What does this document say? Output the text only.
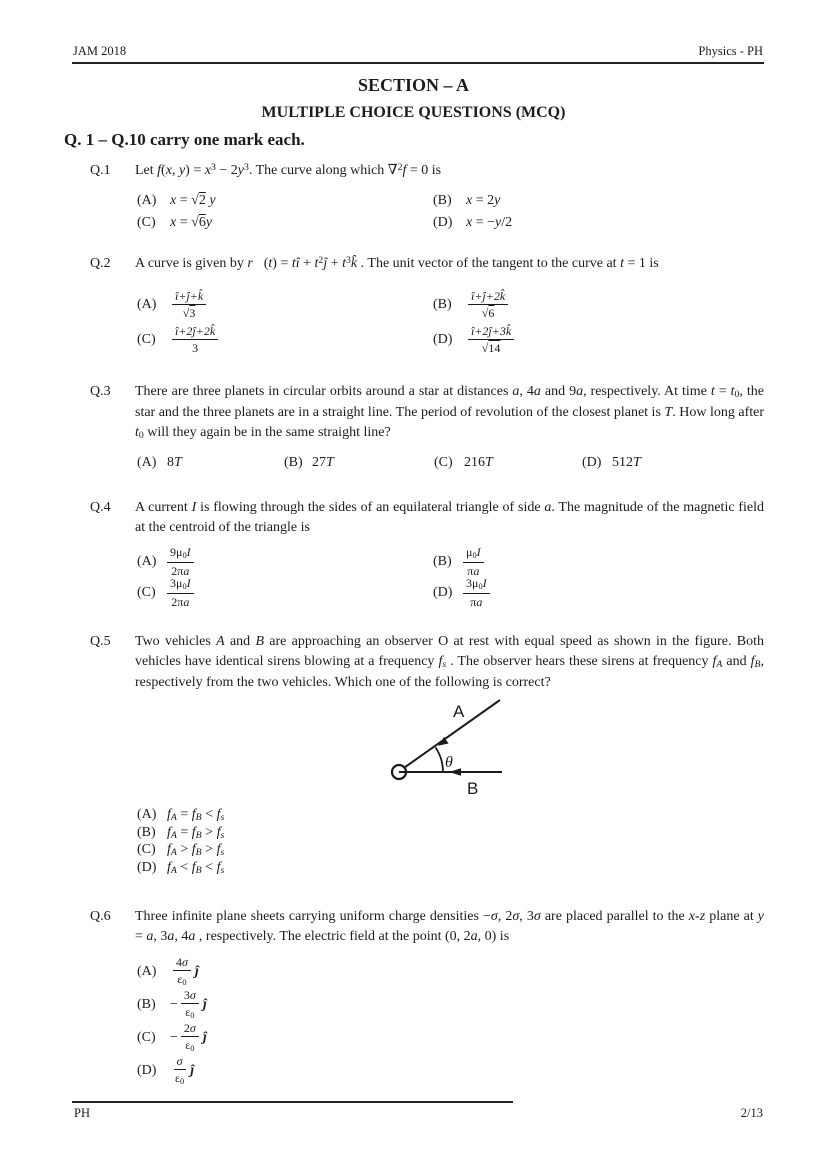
JAM 2018	Physics - PH
SECTION – A
MULTIPLE CHOICE QUESTIONS (MCQ)
Q. 1 – Q.10 carry one mark each.
Q.1	Let f(x, $y) = x^3 - 2y^3$. The curve along which ∇$^2$f = 0 is

(A) x = √2 y	(B) x = 2y
(C) x = √6y	(D) x = −y/2
Q.2	A curve is given by r⃗(t) = tî + $t^2ĵ$ + $t^3k̂$ . The unit vector of the tangent to the curve at t = 1 is

(A)	$\frac{î+ĵ+k̂}{√3}$	(B)	$\frac{î+ĵ+2k̂}{√6}$
(C)	$\frac{î+2ĵ+2k̂}{3}$	(D)	$\frac{î+2ĵ+3k̂}{√14}$
Q.3	There are three planets in circular orbits around a star at distances a, 4a and 9a, respectively. At time t = t0, the star and the three planets are in a straight line. The period of revolution of the closest planet is T. How long after t0 will they again be in the same straight line?

(A) 8T	(B) 27T	(C) 216T	(D) 512T
Q.4	A current I is flowing through the sides of an equilateral triangle of side a. The magnitude of the magnetic field at the centroid of the triangle is

$(A) \frac{9\mu 0I}{2\pi a}$	$(B) \frac{\mu 0I}{\pi a}$
$(C) \frac{3\mu 0I}{2\pi a}$	$(D) \frac{3\mu 0I}{\pi a}$
Q.5	Two vehicles A and B are approaching an observer O at rest with equal speed as shown in the figure. Both vehicles have identical sirens blowing at a frequency fs . The observer hears these sirens at frequency fA and fB, respectively from the two vehicles. Which one of the following is correct?

A
B
θ
(A) fA = fB < fs
(B) fA = fB > fs
(C) fA > fB > fs
(D) fA < fB < fs
Q.6	Three infinite plane sheets carrying uniform charge densities −σ, 2σ, 3σ are placed parallel to the x-z plane at y = a, 3a, 4a , respectively. The electric field at the point (0, 2a, 0) is

(A)	$\frac{4\sigma}{\varepsilon 0}$ ĵ
(B)	− $\frac{3\sigma}{\varepsilon 0}$ ĵ
(C)	− $\frac{2\sigma}{\varepsilon 0}$ ĵ
(D)	$\frac{\sigma}{\varepsilon 0}$ ĵ
PH	2/13
